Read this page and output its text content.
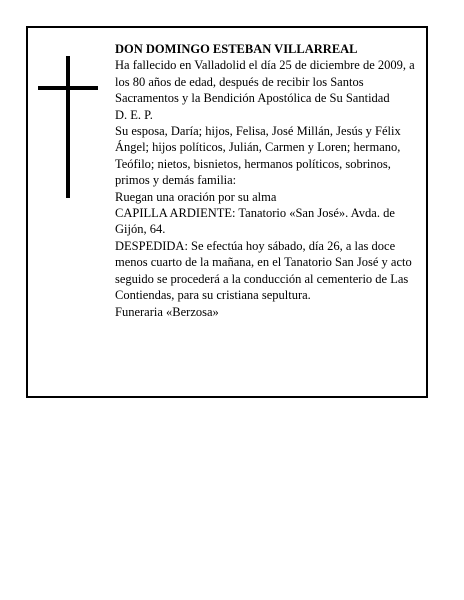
DON DOMINGO ESTEBAN VILLARREAL

Ha fallecido en Valladolid el día 25 de diciembre de 2009, a los 80 años de edad, después de recibir los Santos Sacramentos y la Bendición Apostólica de Su Santidad

D. E. P.

Su esposa, Daría; hijos, Felisa, José Millán, Jesús y Félix Ángel; hijos políticos, Julián, Carmen y Loren; hermano, Teófilo; nietos, bisnietos, hermanos políticos, sobrinos, primos y demás familia:

Ruegan una oración por su alma

CAPILLA ARDIENTE: Tanatorio «San José». Avda. de Gijón, 64.

DESPEDIDA: Se efectúa hoy sábado, día 26, a las doce menos cuarto de la mañana, en el Tanatorio San José y acto seguido se procederá a la conducción al cementerio de Las Contiendas, para su cristiana sepultura.

Funeraria «Berzosa»
